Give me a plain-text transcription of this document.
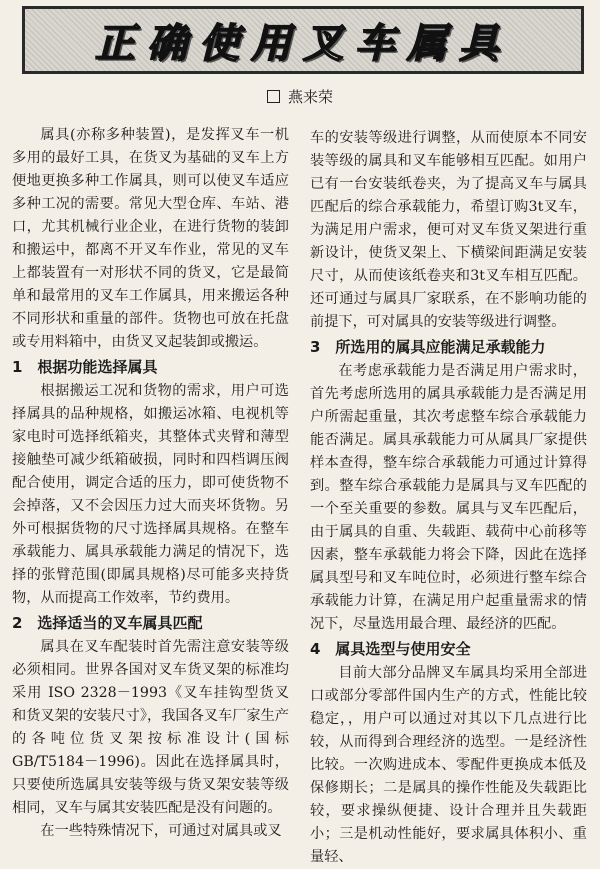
正确使用叉车属具
燕来荣

属具(亦称多种装置)，是发挥叉车一机多用的最好工具，在货叉为基础的叉车上方便地更换多种工作属具，则可以使叉车适应多种工况的需要。常见大型仓库、车站、港口，尤其机械行业企业，在进行货物的装卸和搬运中，都离不开叉车作业，常见的叉车上都装置有一对形状不同的货叉，它是最简单和最常用的叉车工作属具，用来搬运各种不同形状和重量的部件。货物也可放在托盘或专用料箱中，由货叉叉起装卸或搬运。

1　根据功能选择属具

根据搬运工况和货物的需求，用户可选择属具的品种规格，如搬运冰箱、电视机等家电时可选择纸箱夹，其整体式夹臂和薄型接触垫可减少纸箱破损，同时和四档调压阀配合使用，调定合适的压力，即可使货物不会掉落，又不会因压力过大而夹坏货物。另外可根据货物的尺寸选择属具规格。在整车承载能力、属具承载能力满足的情况下，选择的张臂范围(即属具规格)尽可能多夹持货物，从而提高工作效率，节约费用。

2　选择适当的叉车属具匹配

属具在叉车配装时首先需注意安装等级必须相同。世界各国对叉车货叉架的标准均采用 ISO 2328－1993《叉车挂钩型货叉和货叉架的安装尺寸》，我国各叉车厂家生产的各吨位货叉架按标准设计(国标 GB/T5184－1996)。因此在选择属具时，只要使所选属具安装等级与货叉架安装等级相同，叉车与属其安装匹配是没有问题的。

在一些特殊情况下，可通过对属具或叉

车的安装等级进行调整，从而使原本不同安装等级的属具和叉车能够相互匹配。如用户已有一台安装纸卷夹，为了提高叉车与属具匹配后的综合承载能力，希望订购3t叉车，为满足用户需求，便可对叉车货叉架进行重新设计，使货叉架上、下横梁间距满足安装尺寸，从而使该纸卷夹和3t叉车相互匹配。还可通过与属具厂家联系，在不影响功能的前提下，可对属具的安装等级进行调整。

3　所选用的属具应能满足承载能力

在考虑承载能力是否满足用户需求时，首先考虑所选用的属具承载能力是否满足用户所需起重量，其次考虑整车综合承载能力能否满足。属具承载能力可从属具厂家提供样本查得，整车综合承载能力可通过计算得到。整车综合承载能力是属具与叉车匹配的一个至关重要的参数。属具与叉车匹配后，由于属具的自重、失载距、载荷中心前移等因素，整车承载能力将会下降，因此在选择属具型号和叉车吨位时，必须进行整车综合承载能力计算，在满足用户起重量需求的情况下，尽量选用最合理、最经济的匹配。

4　属具选型与使用安全

目前大部分品牌叉车属具均采用全部进口或部分零部件国内生产的方式，性能比较稳定，，用户可以通过对其以下几点进行比较，从而得到合理经济的选型。一是经济性比较。一次购进成本、零配件更换成本低及保修期长；二是属具的操作性能及失载距比较，要求操纵便捷、设计合理并且失载距小；三是机动性能好，要求属具体积小、重量轻、
